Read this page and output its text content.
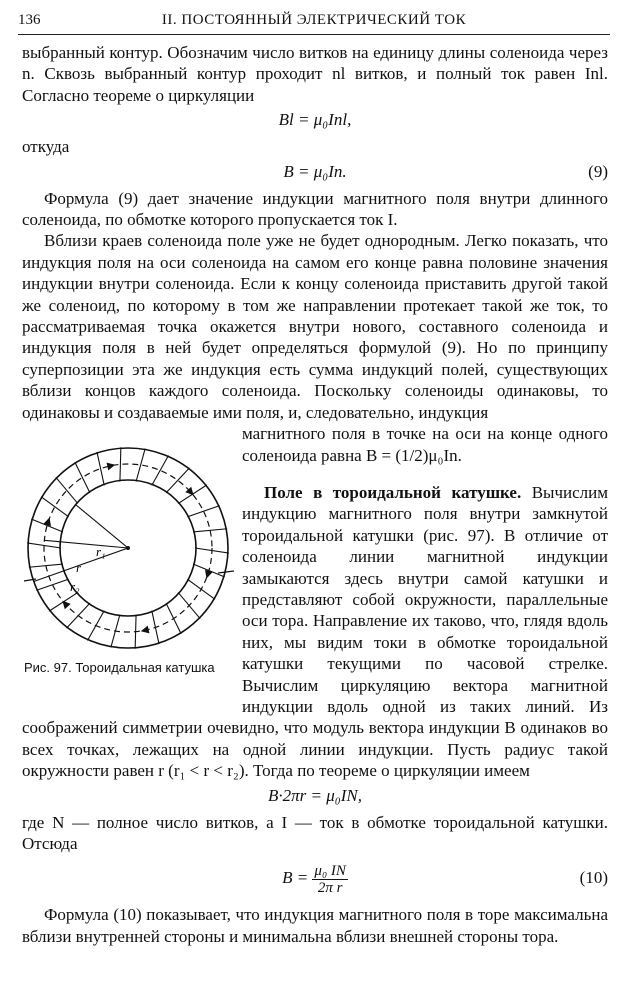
136	II. ПОСТОЯННЫЙ ЭЛЕКТРИЧЕСКИЙ ТОК

выбранный контур. Обозначим число витков на единицу длины соленоида через n. Сквозь выбранный контур проходит nl витков, и полный ток равен Inl. Согласно теореме о циркуляции

Bl = μ₀Inl,

откуда

B = μ₀In.	(9)

Формула (9) дает значение индукции магнитного поля внутри длинного соленоида, по обмотке которого пропускается ток I.

Вблизи краев соленоида поле уже не будет однородным. Легко показать, что индукция поля на оси соленоида на самом его конце равна половине значения индукции внутри соленоида. Если к концу соленоида приставить другой такой же соленоид, по которому в том же направлении протекает такой же ток, то рассматриваемая точка окажется внутри нового, составного соленоида и индукция поля в ней будет определяться формулой (9). Но по принципу суперпозиции эта же индукция есть сумма индукций полей, существующих вблизи концов каждого соленоида. Поскольку соленоиды одинаковы, то одинаковы и создаваемые ими поля, и, следовательно, индукция

r₁
r
r₂
Рис. 97. Тороидальная катушка

магнитного поля в точке на оси на конце одного соленоида равна B = (1/2)μ₀In.

Поле в тороидальной катушке. Вычислим индукцию магнитного поля внутри замкнутой тороидальной катушки (рис. 97). В отличие от соленоида линии магнитной индукции замыкаются здесь внутри самой катушки и представляют собой окружности, параллельные оси тора. Направление их таково, что, глядя вдоль них, мы видим токи в обмотке тороидальной катушки текущими по часовой стрелке. Вычислим циркуляцию вектора магнитной индукции вдоль одной из таких линий. Из соображений симметрии очевидно, что модуль вектора индукции B одинаков во всех точках, лежащих на одной линии индукции. Пусть радиус такой окружности равен r (r₁ < r < r₂). Тогда по теореме о циркуляции имеем

B·2πr = μ₀IN,

где N — полное число витков, а I — ток в обмотке тороидальной катушки. Отсюда

$B = \frac{\text{μ₀ IN}}{\text{2π r}}$	(10)

Формула (10) показывает, что индукция магнитного поля в торе максимальна вблизи внутренней стороны и минимальна вблизи внешней стороны тора.
